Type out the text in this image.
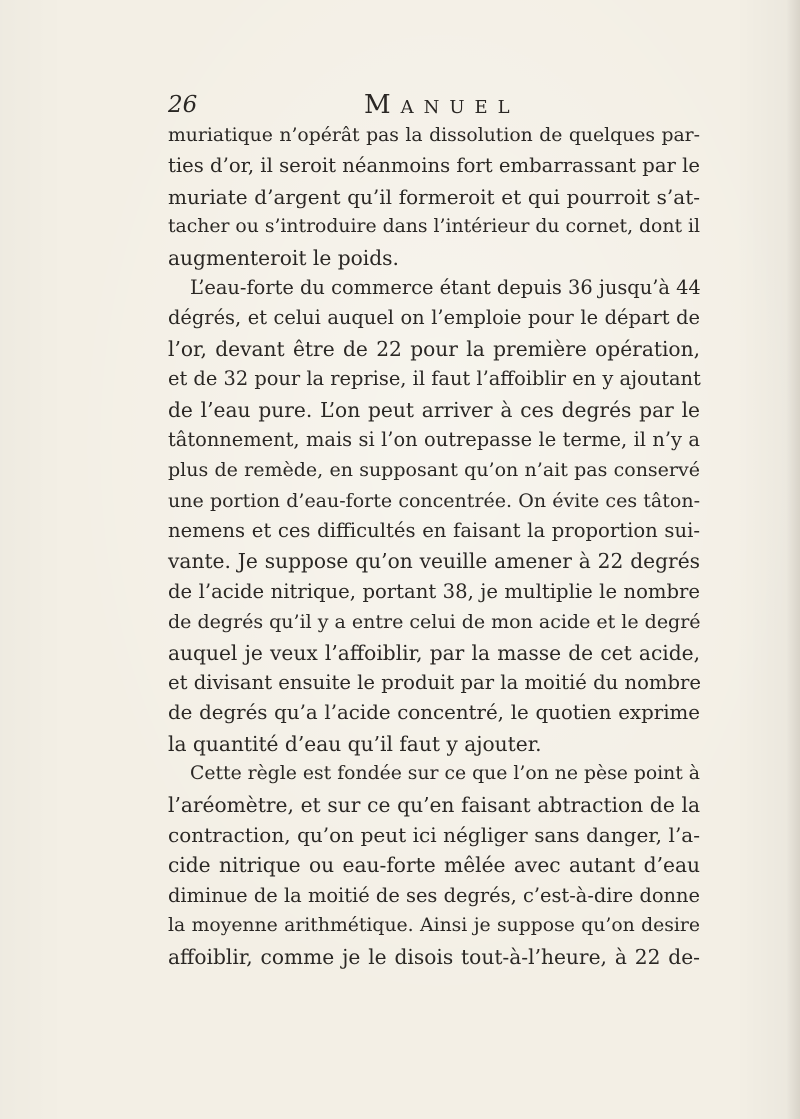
26	Manuel
muriatique n’opérât pas la dissolution de quelques par-
ties d’or, il seroit néanmoins fort embarrassant par le
muriate d’argent qu’il formeroit et qui pourroit s’at-
tacher ou s’introduire dans l’intérieur du cornet, dont il
augmenteroit le poids.
L’eau-forte du commerce étant depuis 36 jusqu’à 44
dégrés, et celui auquel on l’emploie pour le départ de
l’or, devant être de 22 pour la première opération,
et de 32 pour la reprise, il faut l’affoiblir en y ajoutant
de l’eau pure. L’on peut arriver à ces degrés par le
tâtonnement, mais si l’on outrepasse le terme, il n’y a
plus de remède, en supposant qu’on n’ait pas conservé
une portion d’eau-forte concentrée. On évite ces tâton-
nemens et ces difficultés en faisant la proportion sui-
vante. Je suppose qu’on veuille amener à 22 degrés
de l’acide nitrique, portant 38, je multiplie le nombre
de degrés qu’il y a entre celui de mon acide et le degré
auquel je veux l’affoiblir, par la masse de cet acide,
et divisant ensuite le produit par la moitié du nombre
de degrés qu’a l’acide concentré, le quotien exprime
la quantité d’eau qu’il faut y ajouter.
Cette règle est fondée sur ce que l’on ne pèse point à
l’aréomètre, et sur ce qu’en faisant abtraction de la
contraction, qu’on peut ici négliger sans danger, l’a-
cide nitrique ou eau-forte mêlée avec autant d’eau
diminue de la moitié de ses degrés, c’est-à-dire donne
la moyenne arithmétique. Ainsi je suppose qu’on desire
affoiblir, comme je le disois tout-à-l’heure, à 22 de-
